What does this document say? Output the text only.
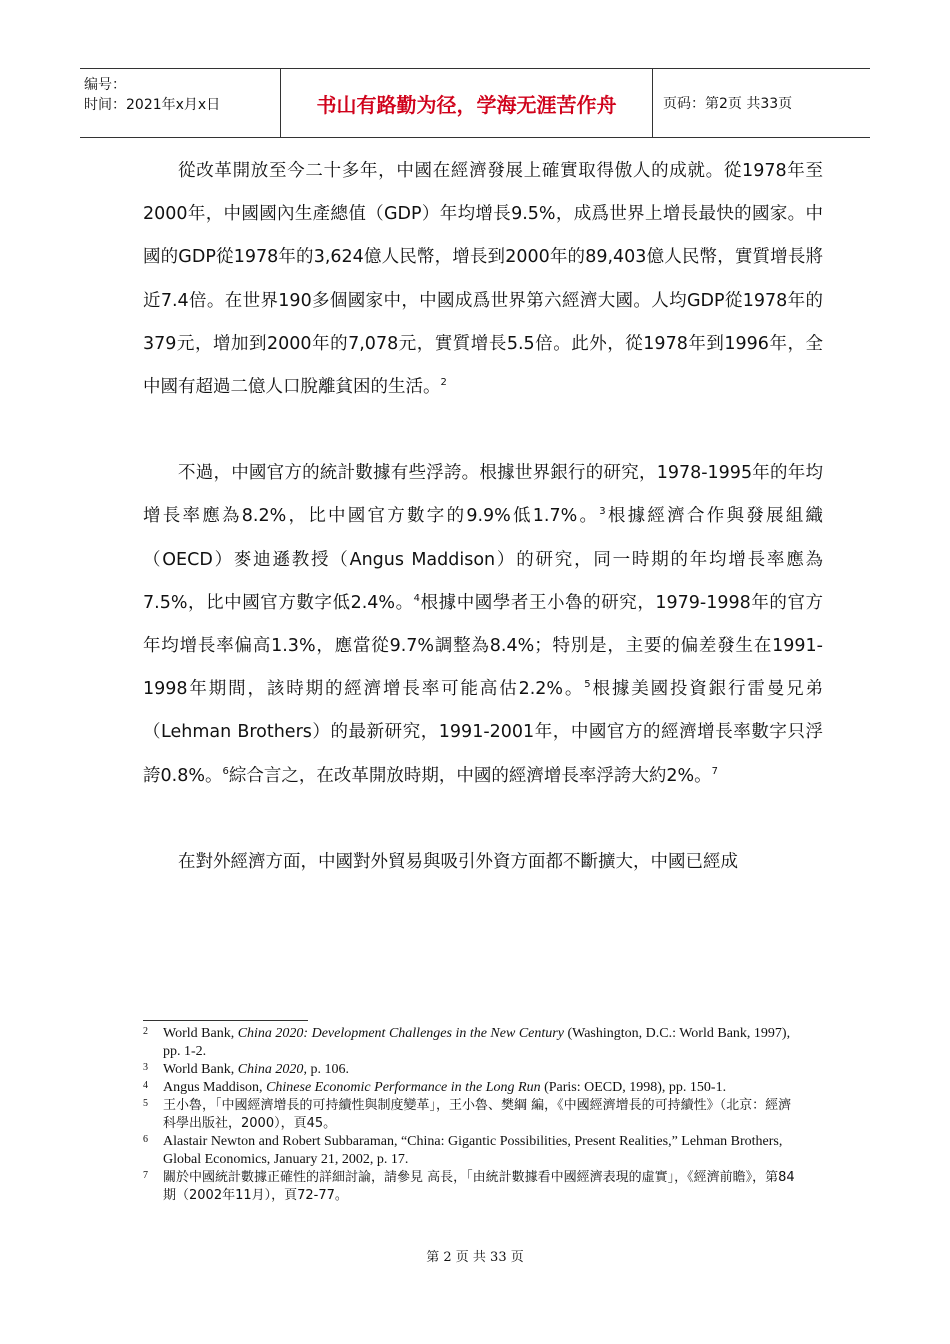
编号：
时间：2021年x月x日	书山有路勤为径，学海无涯苦作舟	页码：第2页 共33页

從改革開放至今二十多年，中國在經濟發展上確實取得傲人的成就。從1978年至2000年，中國國內生產總值（GDP）年均增長9.5%，成爲世界上增長最快的國家。中國的GDP從1978年的3,624億人民幣，增長到2000年的89,403億人民幣，實質增長將近7.4倍。在世界190多個國家中，中國成爲世界第六經濟大國。人均GDP從1978年的379元，增加到2000年的7,078元，實質增長5.5倍。此外，從1978年到1996年，全中國有超過二億人口脫離貧困的生活。$^2$

不過，中國官方的統計數據有些浮誇。根據世界銀行的研究，1978-1995年的年均增長率應為8.2%，比中國官方數字的9.9%低1.7%。$^3$根據經濟合作與發展組織（OECD）麥迪遜教授（Angus Maddison）的研究，同一時期的年均增長率應為7.5%，比中國官方數字低2.4%。$^4$根據中國學者王小魯的研究，1979-1998年的官方年均增長率偏高1.3%，應當從9.7%調整為8.4%；特別是，主要的偏差發生在1991-1998年期間，該時期的經濟增長率可能高估2.2%。$^5$根據美國投資銀行雷曼兄弟（Lehman Brothers）的最新研究，1991-2001年，中國官方的經濟增長率數字只浮誇0.8%。$^6$綜合言之，在改革開放時期，中國的經濟增長率浮誇大約2%。$^7$

在對外經濟方面，中國對外貿易與吸引外資方面都不斷擴大，中國已經成

2	World Bank, China 2020: Development Challenges in the New Century (Washington, D.C.: World Bank, 1997), pp. 1-2.
3	World Bank, China 2020, p. 106.
4	Angus Maddison, Chinese Economic Performance in the Long Run (Paris: OECD, 1998), pp. 150-1.
5	王小魯，「中國經濟增長的可持續性與制度變革」，王小魯、樊綱 編，《中國經濟增長的可持續性》（北京：經濟科學出版社，2000），頁45。
6	Alastair Newton and Robert Subbaraman, “China: Gigantic Possibilities, Present Realities,” Lehman Brothers, Global Economics, January 21, 2002, p. 17.
7	關於中國統計數據正確性的詳細討論，請參見 高長，「由統計數據看中國經濟表現的虛實」，《經濟前瞻》，第84期（2002年11月），頁72-77。
第 2 页 共 33 页
